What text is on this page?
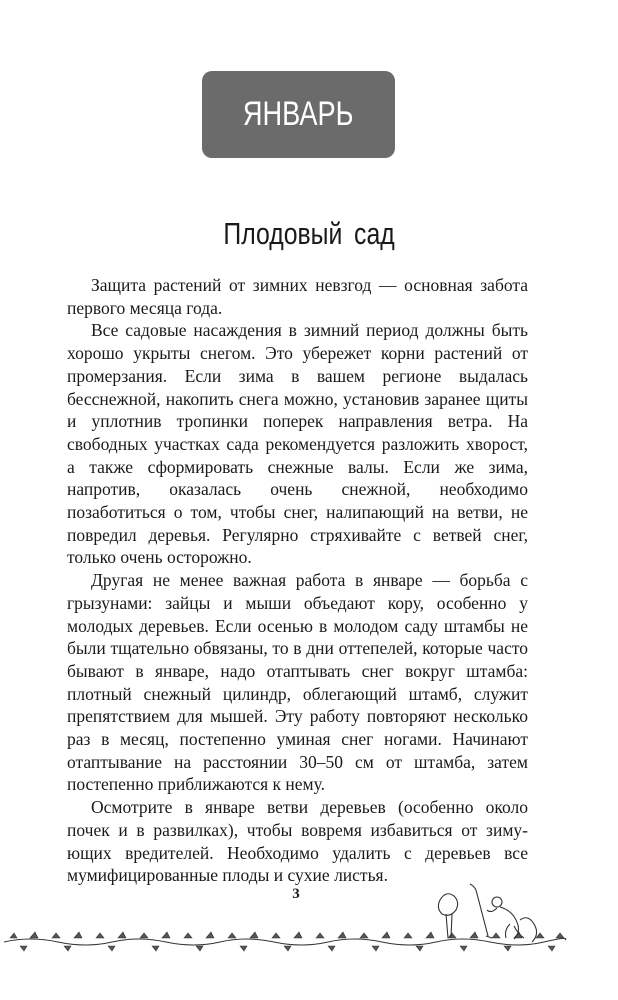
ЯНВАРЬ
Плодовый сад

Защита растений от зимних невзгод — основная забота первого месяца года.

Все садовые насаждения в зимний период должны быть хорошо укрыты снегом. Это убережет корни растений от промерзания. Если зима в вашем регионе выдалась бесснежной, накопить снега можно, установив заранее щиты и уплотнив тропинки поперек направления ветра. На свободных участках сада рекомендуется разложить хворост, а также сформировать снежные валы. Если же зима, напротив, оказалась очень снежной, необходимо позаботиться о том, чтобы снег, налипающий на ветви, не повредил деревья. Регулярно стряхивайте с ветвей снег, только очень осторожно.

Другая не менее важная работа в январе — борьба с грызунами: зайцы и мыши объедают кору, особенно у молодых деревьев. Если осенью в молодом саду штамбы не были тщательно обвязаны, то в дни оттепелей, которые часто бывают в январе, надо отаптывать снег вокруг штамба: плотный снежный цилиндр, облегающий штамб, служит препятствием для мышей. Эту работу повторяют несколько раз в месяц, постепенно уминая снег ногами. Начинают отаптывание на расстоянии 30–50 см от штамба, затем постепенно приближаются к нему.

Осмотрите в январе ветви деревьев (особенно около почек и в развилках), чтобы вовремя избавиться от зимующих вредителей. Необходимо удалить с деревьев все мумифицированные плоды и сухие листья.

3
